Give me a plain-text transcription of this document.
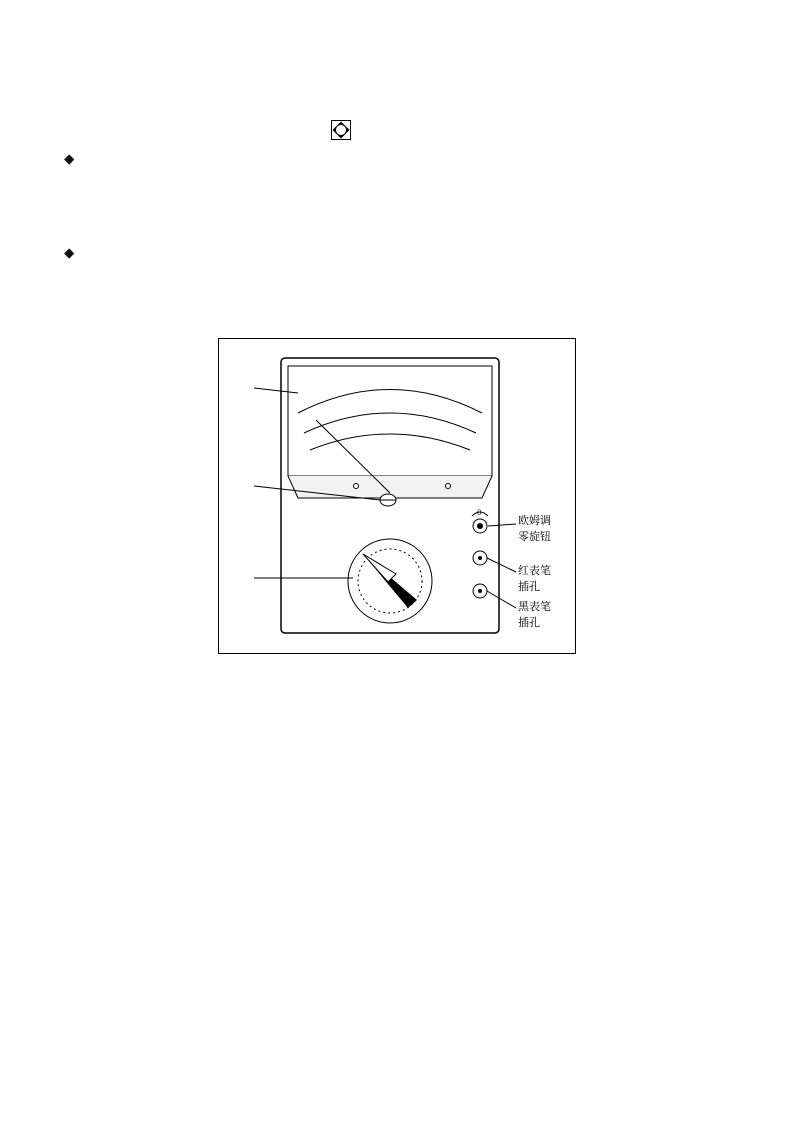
◆
◆
0
欧姆调
零旋钮
红表笔
插孔
黑表笔
插孔
